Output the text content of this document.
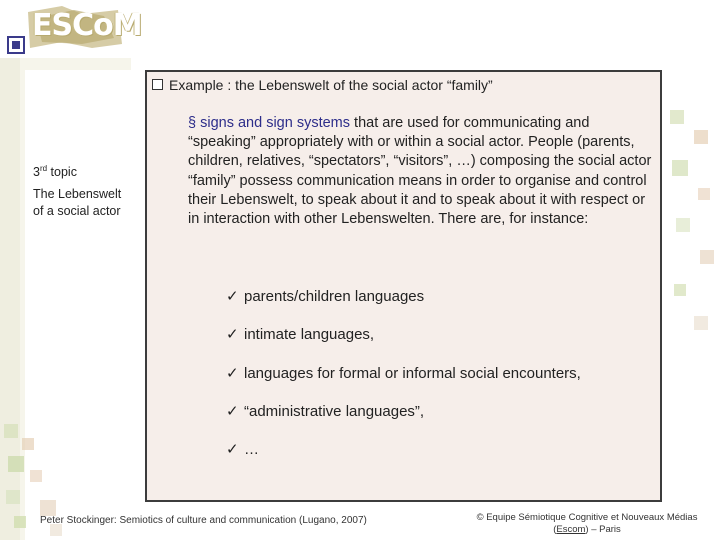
ESCoM
Example : the Lebenswelt of the social actor “family”
3rd topic
The Lebenswelt of a social actor
§ signs and sign systems that are used for communicating and “speaking” appropriately with or within a social actor. People (parents, children, relatives, “spectators”, “visitors”, …) composing the social actor “family” possess communication means in order to organise and control their Lebenswelt, to speak about it and to speak about it with respect or in interaction with other Lebenswelten. There are, for instance:
✓ parents/children languages
✓ intimate languages,
✓ languages for formal or informal social encounters,
✓ “administrative languages”,
✓ …
Peter Stockinger: Semiotics of culture and communication (Lugano, 2007)	© Equipe Sémiotique Cognitive et Nouveaux Médias
(Escom) – Paris
